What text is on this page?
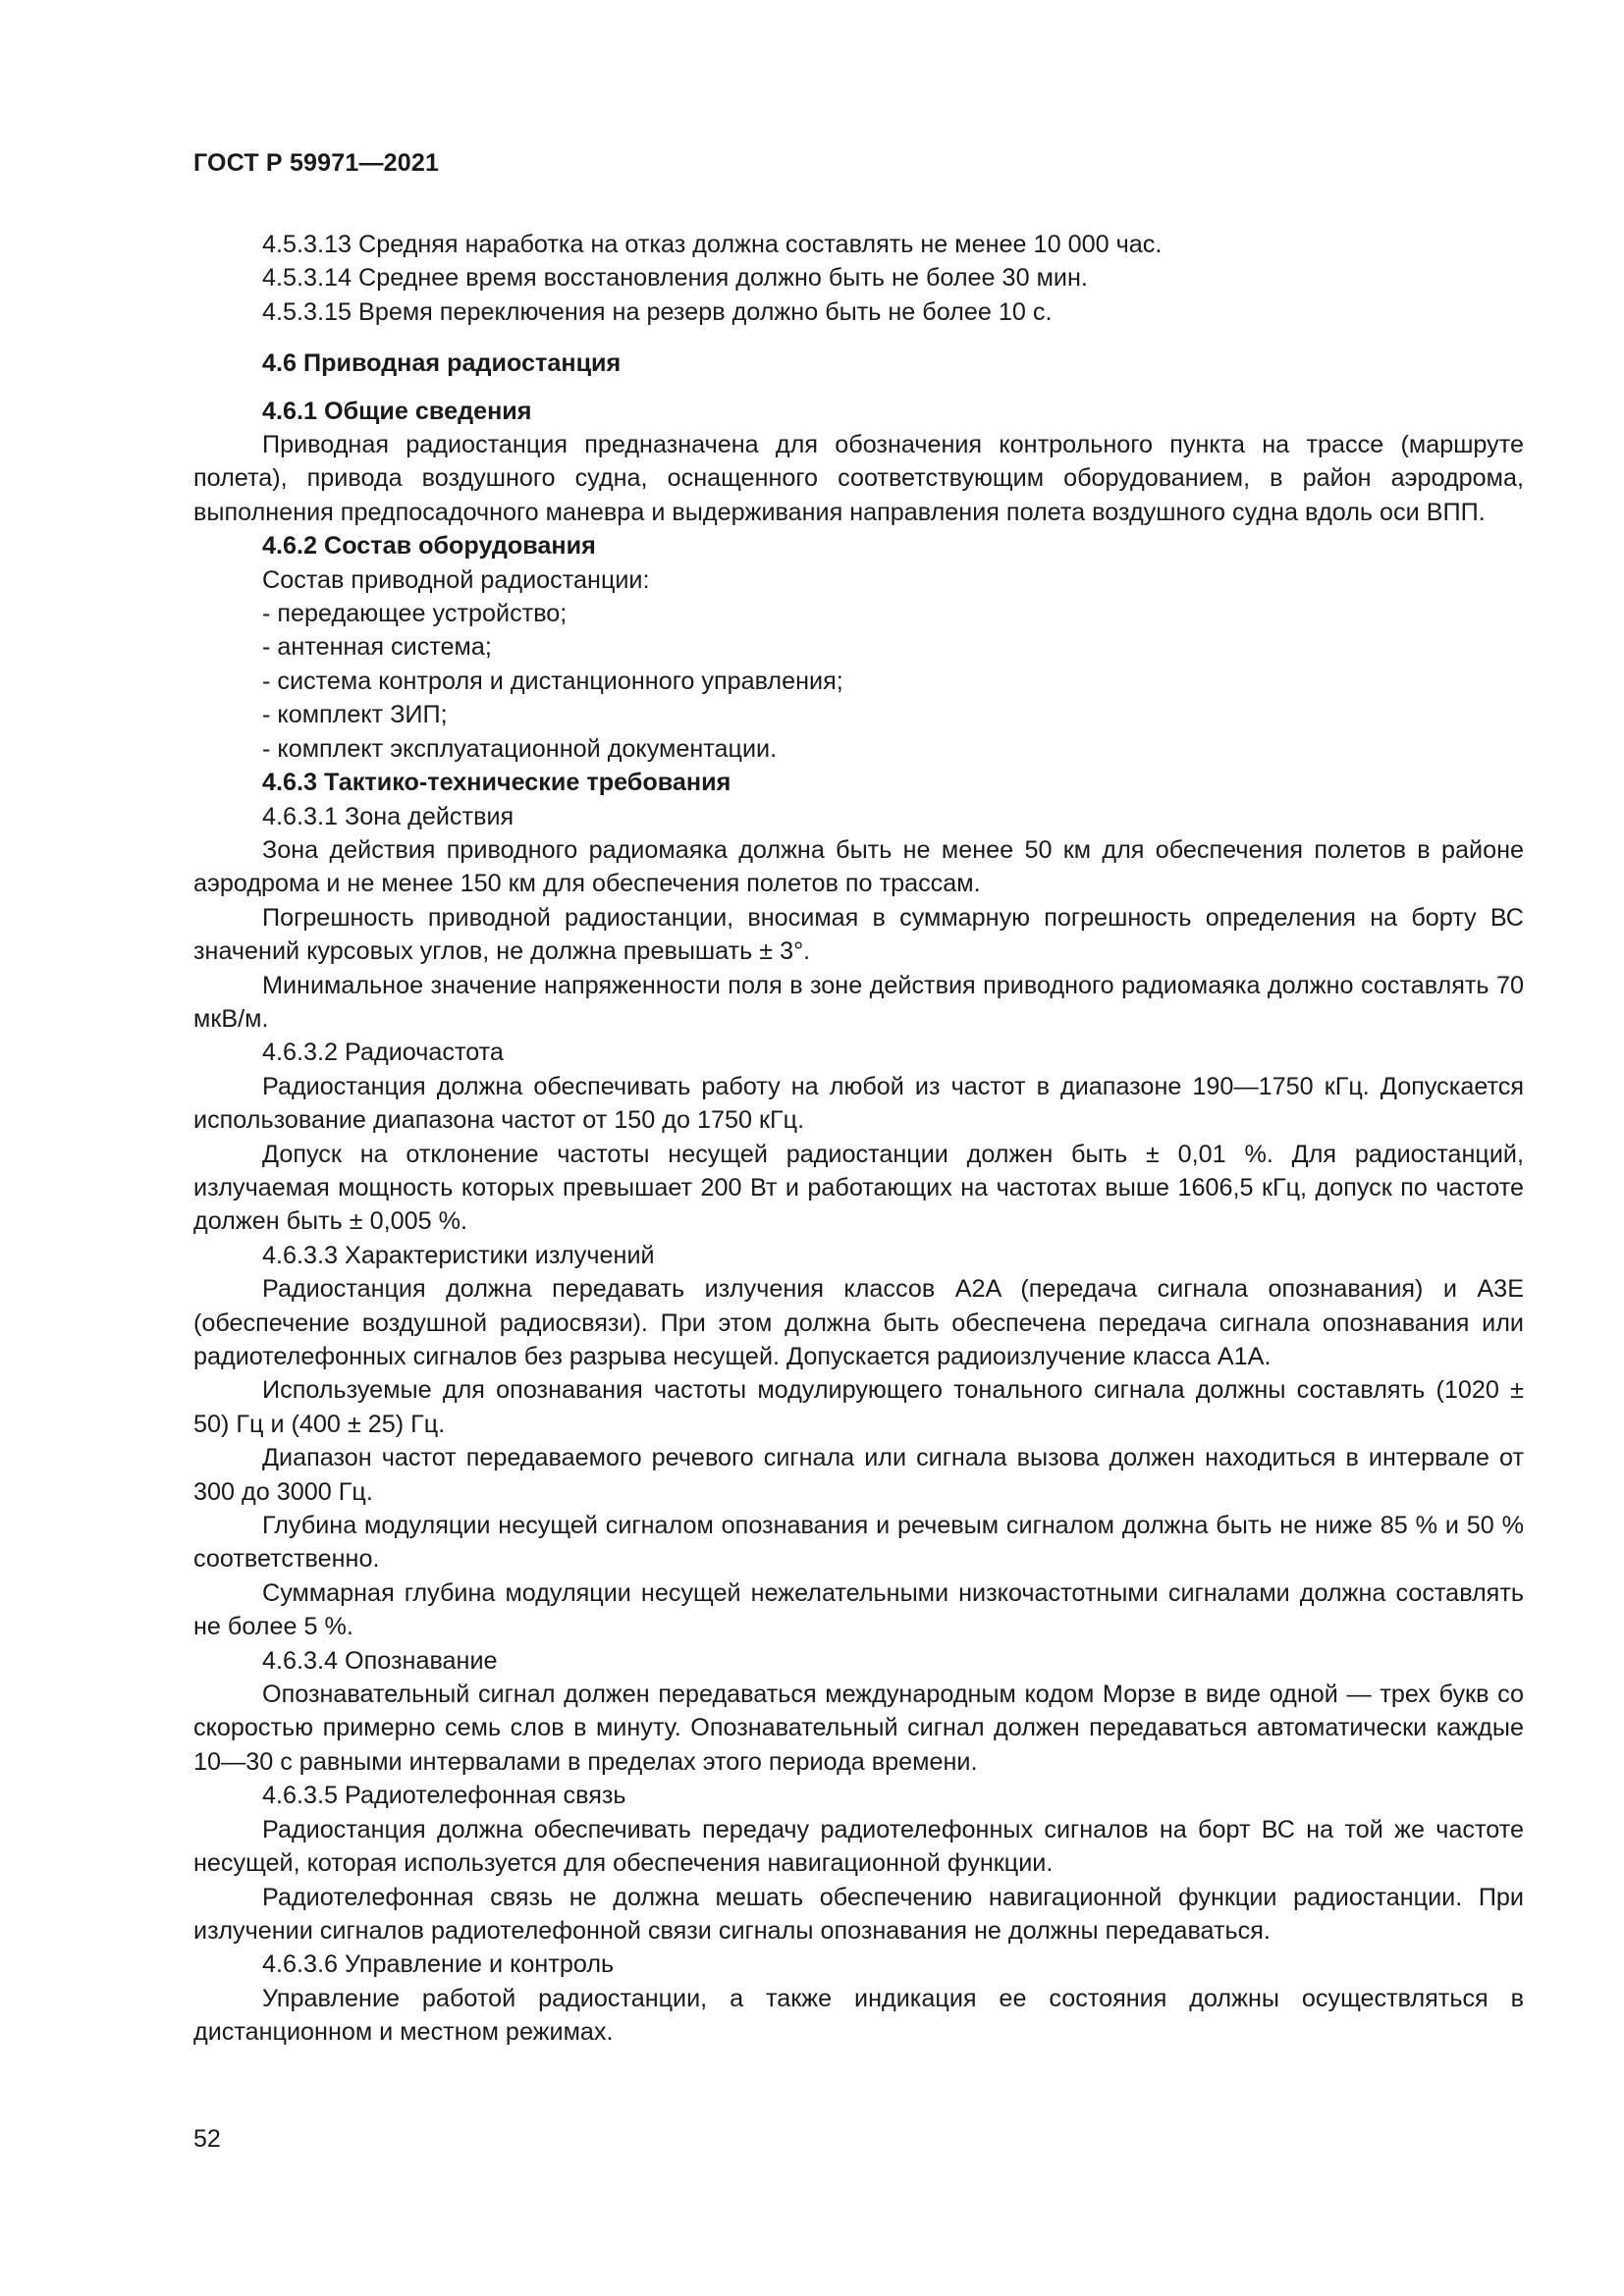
ГОСТ Р 59971—2021

4.5.3.13 Средняя наработка на отказ должна составлять не менее 10 000 час.

4.5.3.14 Среднее время восстановления должно быть не более 30 мин.

4.5.3.15 Время переключения на резерв должно быть не более 10 с.

4.6 Приводная радиостанция
4.6.1 Общие сведения

Приводная радиостанция предназначена для обозначения контрольного пункта на трассе (маршруте полета), привода воздушного судна, оснащенного соответствующим оборудованием, в район аэродрома, выполнения предпосадочного маневра и выдерживания направления полета воздушного судна вдоль оси ВПП.

4.6.2 Состав оборудования

Состав приводной радиостанции:

- передающее устройство;

- антенная система;

- система контроля и дистанционного управления;

- комплект ЗИП;

- комплект эксплуатационной документации.

4.6.3 Тактико-технические требования

4.6.3.1 Зона действия

Зона действия приводного радиомаяка должна быть не менее 50 км для обеспечения полетов в районе аэродрома и не менее 150 км для обеспечения полетов по трассам.

Погрешность приводной радиостанции, вносимая в суммарную погрешность определения на борту ВС значений курсовых углов, не должна превышать ± 3°.

Минимальное значение напряженности поля в зоне действия приводного радиомаяка должно составлять 70 мкВ/м.

4.6.3.2 Радиочастота

Радиостанция должна обеспечивать работу на любой из частот в диапазоне 190—1750 кГц. Допускается использование диапазона частот от 150 до 1750 кГц.

Допуск на отклонение частоты несущей радиостанции должен быть ± 0,01 %. Для радиостанций, излучаемая мощность которых превышает 200 Вт и работающих на частотах выше 1606,5 кГц, допуск по частоте должен быть ± 0,005 %.

4.6.3.3 Характеристики излучений

Радиостанция должна передавать излучения классов A2A (передача сигнала опознавания) и A3E (обеспечение воздушной радиосвязи). При этом должна быть обеспечена передача сигнала опознавания или радиотелефонных сигналов без разрыва несущей. Допускается радиоизлучение класса A1A.

Используемые для опознавания частоты модулирующего тонального сигнала должны составлять (1020 ± 50) Гц и (400 ± 25) Гц.

Диапазон частот передаваемого речевого сигнала или сигнала вызова должен находиться в интервале от 300 до 3000 Гц.

Глубина модуляции несущей сигналом опознавания и речевым сигналом должна быть не ниже 85 % и 50 % соответственно.

Суммарная глубина модуляции несущей нежелательными низкочастотными сигналами должна составлять не более 5 %.

4.6.3.4 Опознавание

Опознавательный сигнал должен передаваться международным кодом Морзе в виде одной — трех букв со скоростью примерно семь слов в минуту. Опознавательный сигнал должен передаваться автоматически каждые 10—30 с равными интервалами в пределах этого периода времени.

4.6.3.5 Радиотелефонная связь

Радиостанция должна обеспечивать передачу радиотелефонных сигналов на борт ВС на той же частоте несущей, которая используется для обеспечения навигационной функции.

Радиотелефонная связь не должна мешать обеспечению навигационной функции радиостанции. При излучении сигналов радиотелефонной связи сигналы опознавания не должны передаваться.

4.6.3.6 Управление и контроль

Управление работой радиостанции, а также индикация ее состояния должны осуществляться в дистанционном и местном режимах.

52
